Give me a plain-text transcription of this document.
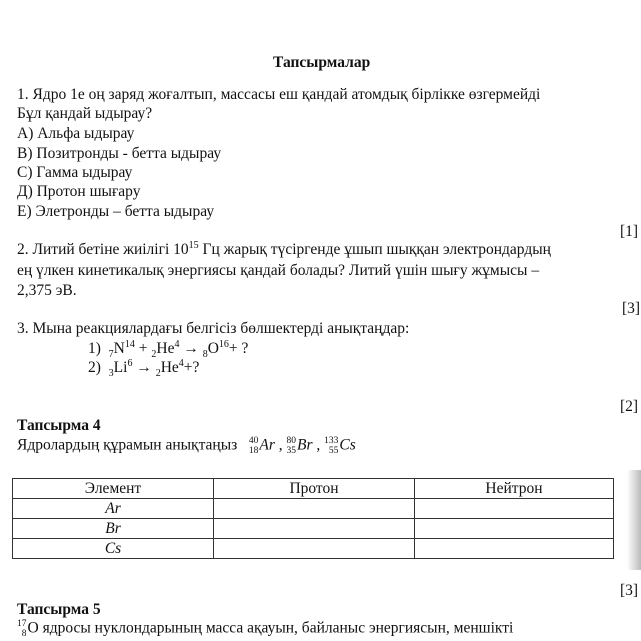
Тапсырмалар
1. Ядро 1е оң заряд жоғалтып, массасы еш қандай атомдық бірлікке өзгермейді
Бұл қандай ыдырау?
А) Альфа ыдырау
В) Позитронды - бетта ыдырау
С) Гамма ыдырау
Д) Протон шығару
Е) Элетронды – бетта ыдырау
[1]
2. Литий бетіне жиілігі $10^{15}$ Гц жарық түсіргенде ұшып шыққан электрондардың
ең үлкен кинетикалық энергиясы қандай болады? Литий үшін шығу жұмысы –
2,375 эВ.
[3]
3. Мына реакциялардағы белгісіз бөлшектерді анықтаңдар:
1) $_7N^{14} + _2He^4 \to _8O^{16}+$ ?
2) $_3Li^6 \to _2He^4+$?
[2]
Тапсырма 4
Ядролардың құрамын анықтаңыз 40
18 Ar , 80
35 Br , 133
55 Cs
Элемент	Протон	Нейтрон
Ar		
Br		
Cs		
[3]
Тапсырма 5
17
8 O ядросы нуклондарының масса ақауын, байланыс энергиясын, меншікті
